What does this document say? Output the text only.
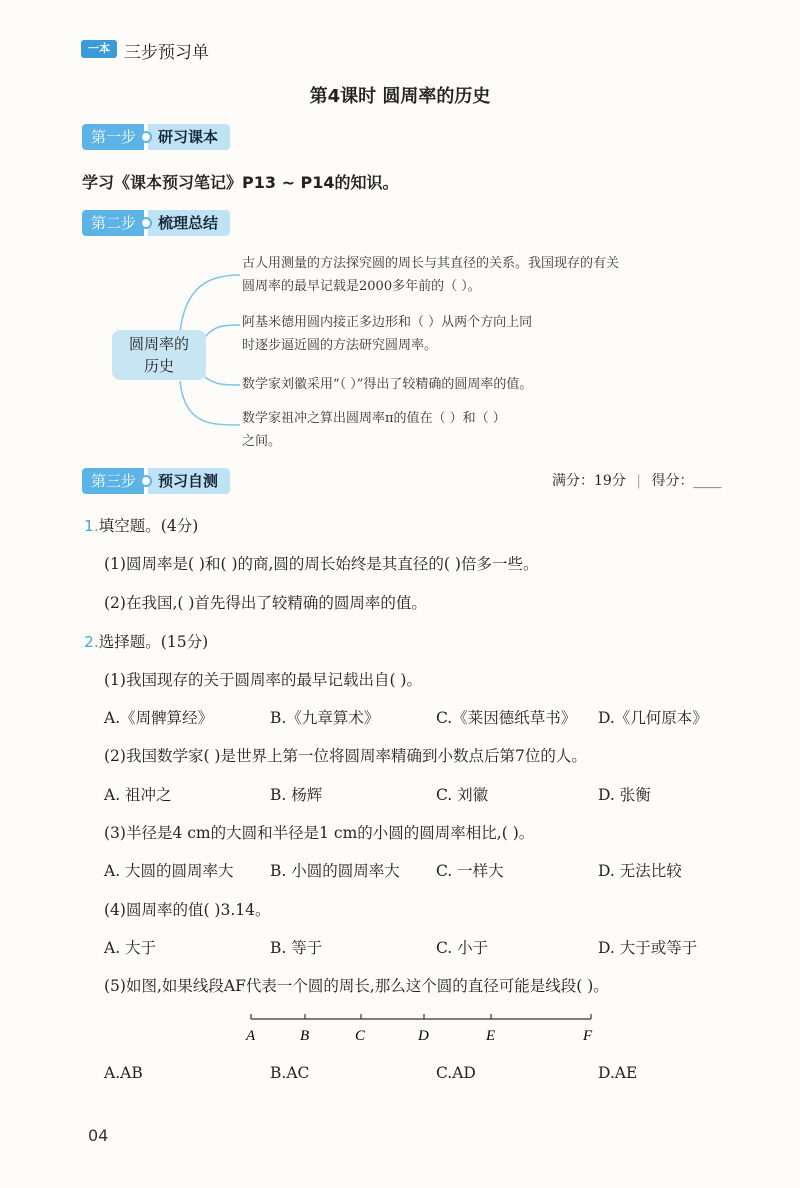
一本 三步预习单
第4课时 圆周率的历史
第一步	研习课本
学习《课本预习笔记》P13 ~ P14的知识。
第二步	梳理总结
圆周率的
历史
古人用测量的方法探究圆的周长与其直径的关系。我国现存的有关
圆周率的最早记载是2000多年前的（ ）。
阿基米德用圆内接正多边形和（ ）从两个方向上同
时逐步逼近圆的方法研究圆周率。
数学家刘徽采用“（ ）”得出了较精确的圆周率的值。
数学家祖冲之算出圆周率π的值在（ ）和（ ）
之间。
第三步	预习自测	满分：19分 | 得分：____
1.填空题。(4分)
(1)圆周率是( )和( )的商,圆的周长始终是其直径的( )倍多一些。
(2)在我国,( )首先得出了较精确的圆周率的值。
2.选择题。(15分)
(1)我国现存的关于圆周率的最早记载出自( )。
A.《周髀算经》	B.《九章算术》	C.《莱因德纸草书》 D.《几何原本》
(2)我国数学家( )是世界上第一位将圆周率精确到小数点后第7位的人。
A. 祖冲之	B. 杨辉	C. 刘徽	D. 张衡
(3)半径是4 cm的大圆和半径是1 cm的小圆的圆周率相比,( )。
A. 大圆的圆周率大 B. 小圆的圆周率大 C. 一样大	D. 无法比较
(4)圆周率的值( )3.14。
A. 大于	B. 等于	C. 小于	D. 大于或等于
(5)如图,如果线段AF代表一个圆的周长,那么这个圆的直径可能是线段( )。
A	B	C	D	E	F
A.AB	B.AC	C.AD	D.AE
04
